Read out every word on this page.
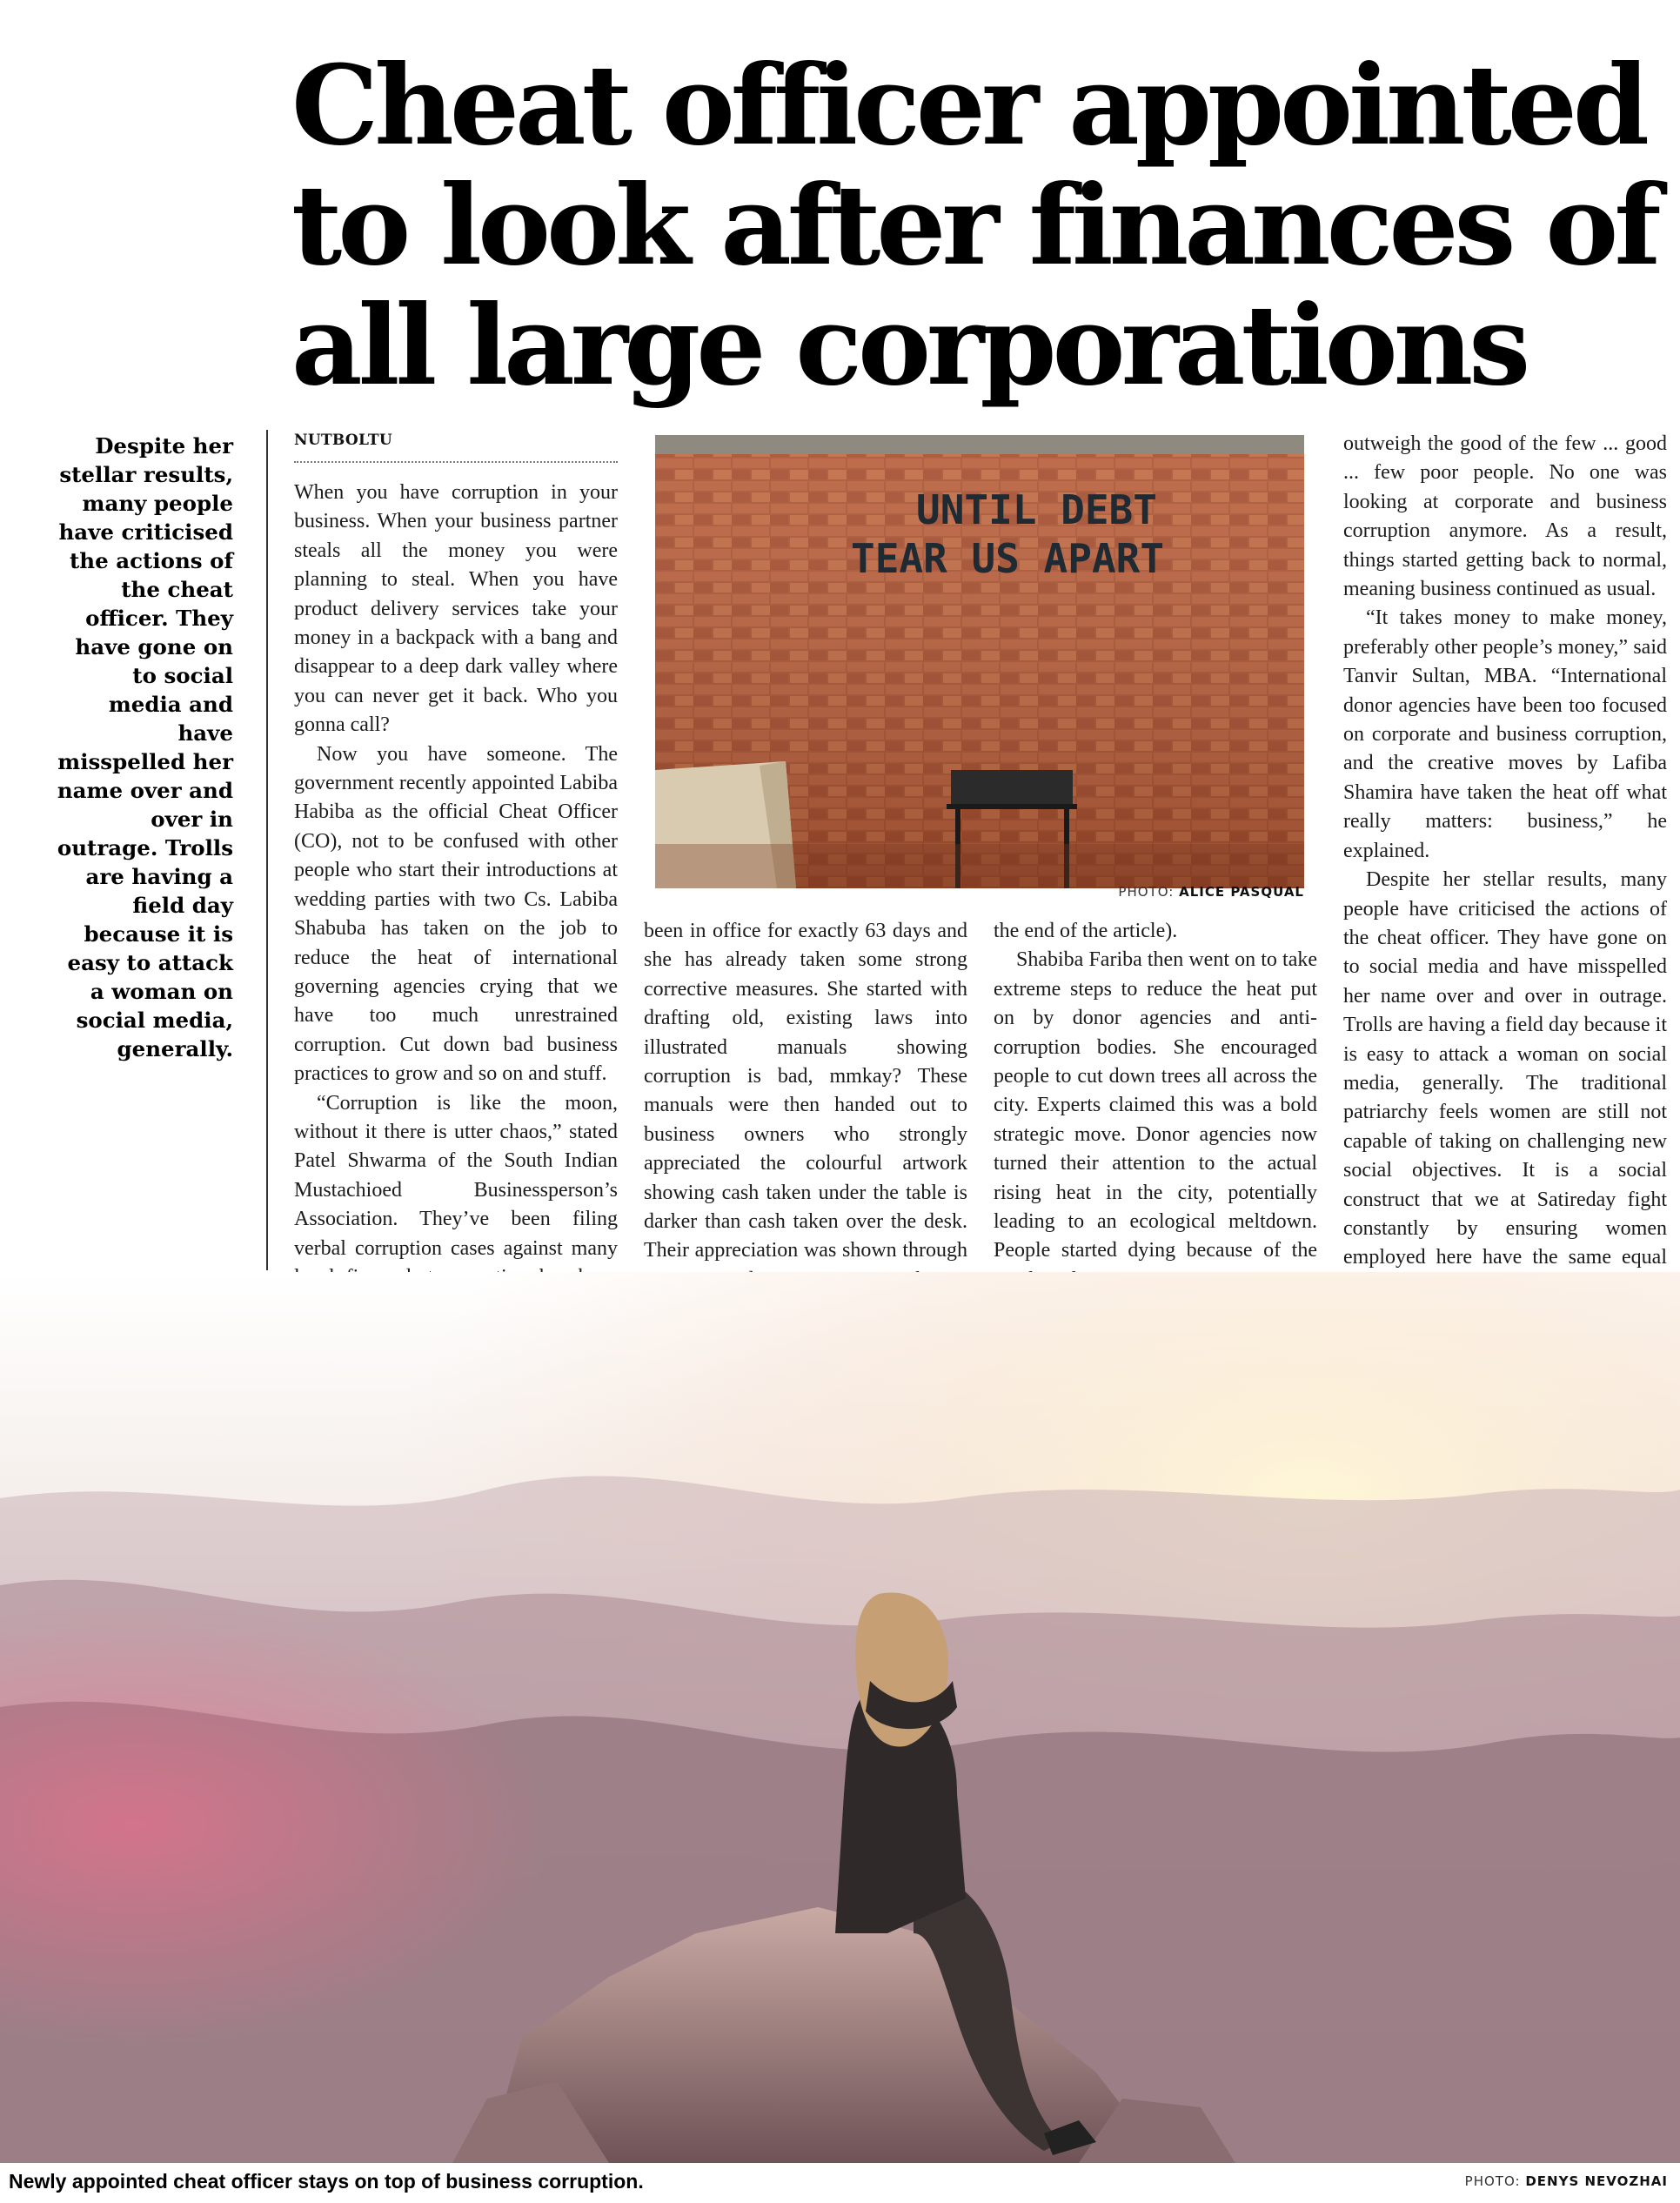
Cheat officer appointed
to look after finances of
all large corporations
Despite her stellar results, many people have criticised the actions of the cheat officer. They have gone on to social media and have misspelled her name over and over in outrage. Trolls are having a field day because it is easy to attack a woman on social media, generally.
NUTBOLTU

When you have corruption in your business. When your business partner steals all the money you were planning to steal. When you have product delivery services take your money in a backpack with a bang and disappear to a deep dark valley where you can never get it back. Who you gonna call?

Now you have someone. The government recently appointed Labiba Habiba as the official Cheat Officer (CO), not to be confused with other people who start their introductions at wedding parties with two Cs. Labiba Shabuba has taken on the job to reduce the heat of international governing agencies crying that we have too much unrestrained corruption. Cut down bad business practices to grow and so on and stuff.

“Corruption is like the moon, without it there is utter chaos,” stated Patel Shwarma of the South Indian Mustachioed Businessperson’s Association. They’ve been filing verbal corruption cases against many

UNTIL DEBT
TEAR US APART
PHOTO: ALICE PASQUAL

been in office for exactly 63 days and she has already taken some strong corrective measures. She started with drafting old, existing laws into illustrated manuals showing corruption is bad, mmkay? These manuals were then handed out to business owners who strongly appreciated the colourful artwork showing cash taken under the table is darker than cash taken over the desk. Their appreciation was shown through

the end of the article).

Shabiba Fariba then went on to take extreme steps to reduce the heat put on by donor agencies and anti-corruption bodies. She encouraged people to cut down trees all across the city. Experts claimed this was a bold strategic move. Donor agencies now turned their attention to the actual rising heat in the city, potentially leading to an ecological meltdown. People started dying because of the

outweigh the good of the few ... good ... few poor people. No one was looking at corporate and business corruption anymore. As a result, things started getting back to normal, meaning business continued as usual.

“It takes money to make money, preferably other people’s money,” said Tanvir Sultan, MBA. “International donor agencies have been too focused on corporate and business corruption, and the creative moves by Lafiba Shamira have taken the heat off what really matters: business,” he explained.

Despite her stellar results, many people have criticised the actions of the cheat officer. They have gone on to social media and have misspelled her name over and over in outrage. Trolls are having a field day because it is easy to attack a woman on social media, generally. The traditional patriarchy feels women are still not capable of taking on challenging new social objectives. It is a social construct that we at Satireday fight constantly by ensuring women employed here have the same equal

Newly appointed cheat officer stays on top of business corruption.	PHOTO: DENYS NEVOZHAI
